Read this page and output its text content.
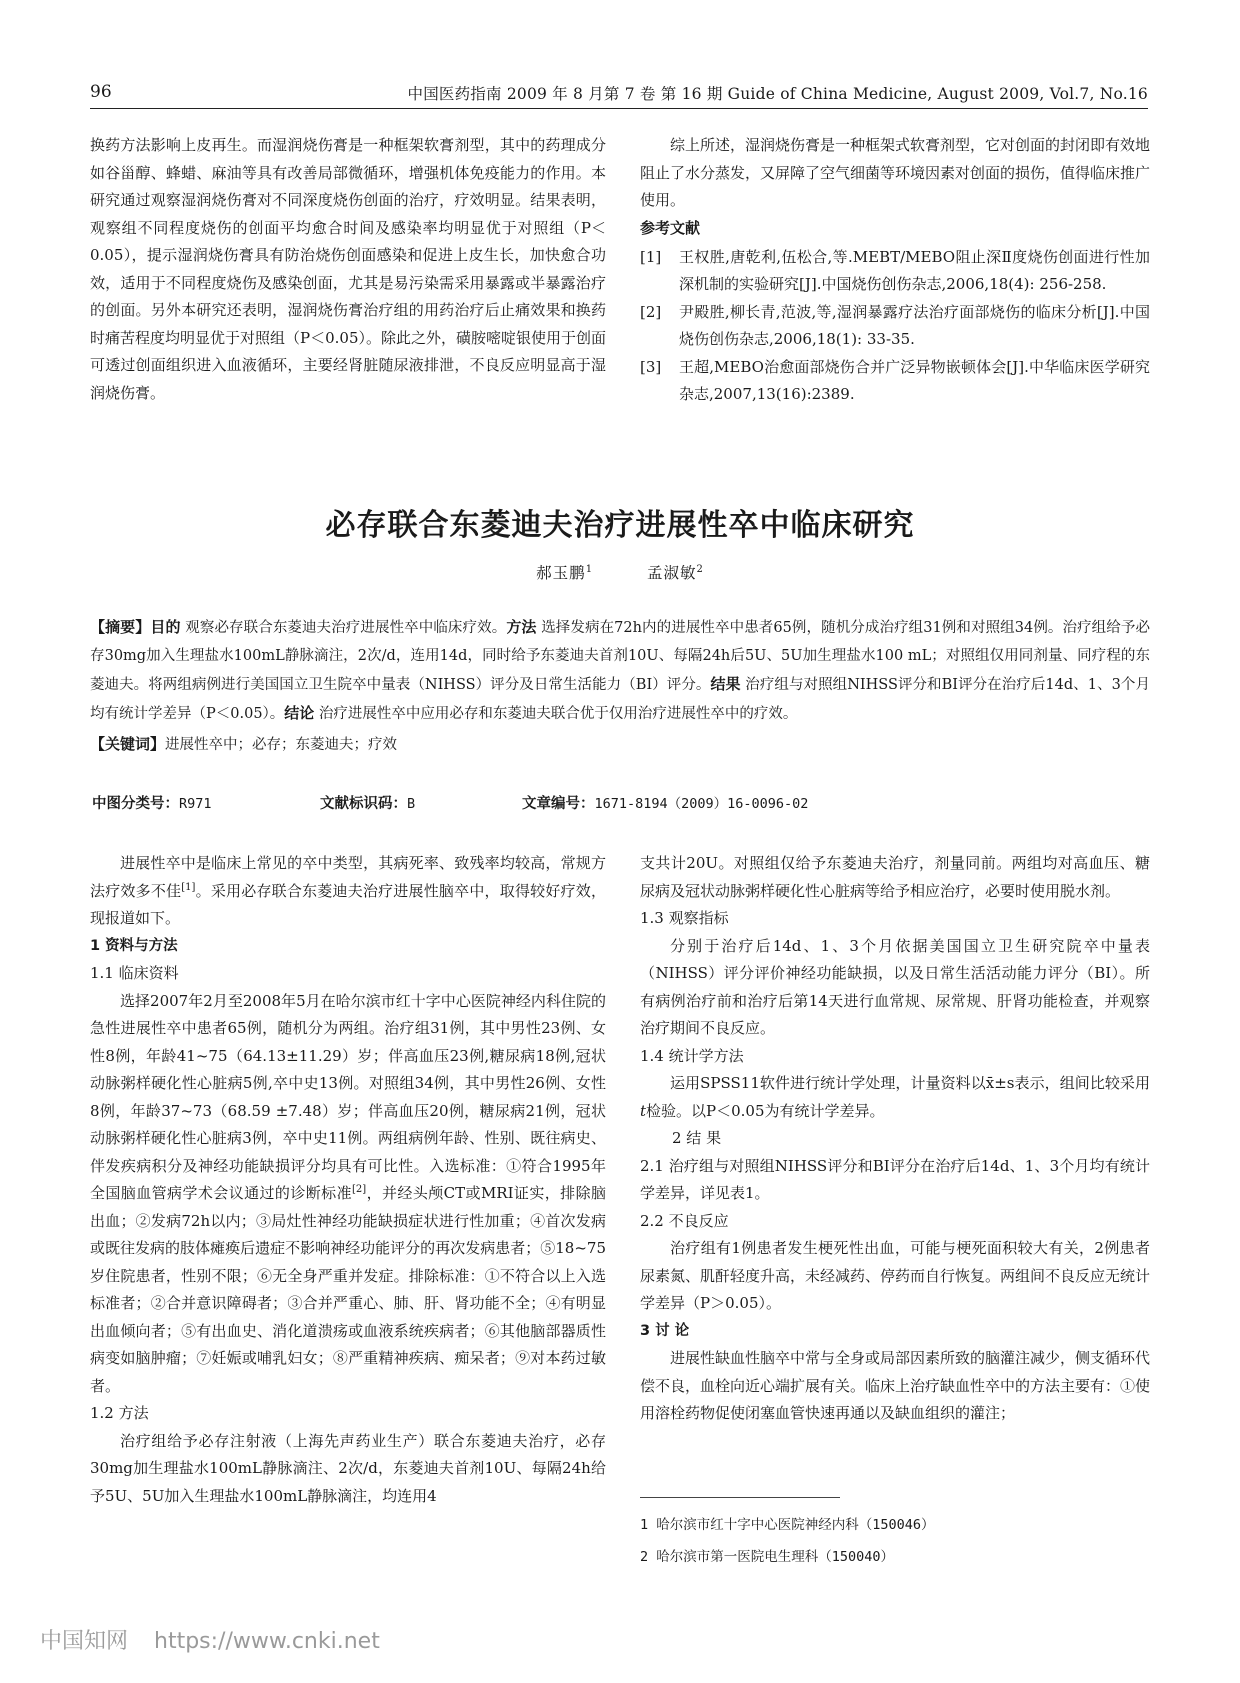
96	中国医药指南 2009 年 8 月第 7 卷 第 16 期 Guide of China Medicine, August 2009, Vol.7, No.16

换药方法影响上皮再生。而湿润烧伤膏是一种框架软膏剂型，其中的药理成分如谷甾醇、蜂蜡、麻油等具有改善局部微循环，增强机体免疫能力的作用。本研究通过观察湿润烧伤膏对不同深度烧伤创面的治疗，疗效明显。结果表明，观察组不同程度烧伤的创面平均愈合时间及感染率均明显优于对照组（P＜0.05），提示湿润烧伤膏具有防治烧伤创面感染和促进上皮生长，加快愈合功效，适用于不同程度烧伤及感染创面，尤其是易污染需采用暴露或半暴露治疗的创面。另外本研究还表明，湿润烧伤膏治疗组的用药治疗后止痛效果和换药时痛苦程度均明显优于对照组（P＜0.05）。除此之外，磺胺嘧啶银使用于创面可透过创面组织进入血液循环，主要经肾脏随尿液排泄，不良反应明显高于湿润烧伤膏。

综上所述，湿润烧伤膏是一种框架式软膏剂型，它对创面的封闭即有效地阻止了水分蒸发，又屏障了空气细菌等环境因素对创面的损伤，值得临床推广使用。

参考文献

[1] 王权胜,唐乾利,伍松合,等.MEBT/MEBO阻止深Ⅱ度烧伤创面进行性加深机制的实验研究[J].中国烧伤创伤杂志,2006,18(4): 256-258.
[2] 尹殿胜,柳长青,范波,等,湿润暴露疗法治疗面部烧伤的临床分析[J].中国烧伤创伤杂志,2006,18(1): 33-35.
[3] 王超,MEBO治愈面部烧伤合并广泛异物嵌顿体会[J].中华临床医学研究杂志,2007,13(16):2389.
必存联合东菱迪夫治疗进展性卒中临床研究
郝玉鹏$^1$	孟淑敏$^2$
【摘要】目的 观察必存联合东菱迪夫治疗进展性卒中临床疗效。方法 选择发病在72h内的进展性卒中患者65例，随机分成治疗组31例和对照组34例。治疗组给予必存30mg加入生理盐水100mL静脉滴注，2次/d，连用14d，同时给予东菱迪夫首剂10U、每隔24h后5U、5U加生理盐水100 mL；对照组仅用同剂量、同疗程的东菱迪夫。将两组病例进行美国国立卫生院卒中量表（NIHSS）评分及日常生活能力（BI）评分。结果 治疗组与对照组NIHSS评分和BI评分在治疗后14d、1、3个月均有统计学差异（P＜0.05）。结论 治疗进展性卒中应用必存和东菱迪夫联合优于仅用治疗进展性卒中的疗效。
【关键词】进展性卒中；必存；东菱迪夫；疗效
中图分类号：R971	文献标识码：B	文章编号：1671-8194（2009）16-0096-02

进展性卒中是临床上常见的卒中类型，其病死率、致残率均较高，常规方法疗效多不佳[1]。采用必存联合东菱迪夫治疗进展性脑卒中，取得较好疗效，现报道如下。

1 资料与方法

1.1 临床资料

选择2007年2月至2008年5月在哈尔滨市红十字中心医院神经内科住院的急性进展性卒中患者65例，随机分为两组。治疗组31例，其中男性23例、女性8例，年龄41~75（64.13±11.29）岁；伴高血压23例,糖尿病18例,冠状动脉粥样硬化性心脏病5例,卒中史13例。对照组34例，其中男性26例、女性8例，年龄37~73（68.59 ±7.48）岁；伴高血压20例，糖尿病21例，冠状动脉粥样硬化性心脏病3例，卒中史11例。两组病例年龄、性别、既往病史、伴发疾病积分及神经功能缺损评分均具有可比性。入选标准：①符合1995年全国脑血管病学术会议通过的诊断标准[2]，并经头颅CT或MRI证实，排除脑出血；②发病72h以内；③局灶性神经功能缺损症状进行性加重；④首次发病或既往发病的肢体瘫痪后遗症不影响神经功能评分的再次发病患者；⑤18~75岁住院患者，性别不限；⑥无全身严重并发症。排除标准：①不符合以上入选标准者；②合并意识障碍者；③合并严重心、肺、肝、肾功能不全；④有明显出血倾向者；⑤有出血史、消化道溃疡或血液系统疾病者；⑥其他脑部器质性病变如脑肿瘤；⑦妊娠或哺乳妇女；⑧严重精神疾病、痴呆者；⑨对本药过敏者。

1.2 方法

治疗组给予必存注射液（上海先声药业生产）联合东菱迪夫治疗，必存30mg加生理盐水100mL静脉滴注、2次/d，东菱迪夫首剂10U、每隔24h给予5U、5U加入生理盐水100mL静脉滴注，均连用4

支共计20U。对照组仅给予东菱迪夫治疗，剂量同前。两组均对高血压、糖尿病及冠状动脉粥样硬化性心脏病等给予相应治疗，必要时使用脱水剂。

1.3 观察指标

分别于治疗后14d、1、3个月依据美国国立卫生研究院卒中量表（NIHSS）评分评价神经功能缺损，以及日常生活活动能力评分（BI）。所有病例治疗前和治疗后第14天进行血常规、尿常规、肝肾功能检查，并观察治疗期间不良反应。

1.4 统计学方法

运用SPSS11软件进行统计学处理，计量资料以x̄±s表示，组间比较采用t检验。以P＜0.05为有统计学差异。

2 结 果

2.1 治疗组与对照组NIHSS评分和BI评分在治疗后14d、1、3个月均有统计学差异，详见表1。

2.2 不良反应

治疗组有1例患者发生梗死性出血，可能与梗死面积较大有关，2例患者尿素氮、肌酐轻度升高，未经减药、停药而自行恢复。两组间不良反应无统计学差异（P＞0.05）。

3 讨 论

进展性缺血性脑卒中常与全身或局部因素所致的脑灌注减少，侧支循环代偿不良，血栓向近心端扩展有关。临床上治疗缺血性卒中的方法主要有：①使用溶栓药物促使闭塞血管快速再通以及缺血组织的灌注；

1 哈尔滨市红十字中心医院神经内科（150046）
2 哈尔滨市第一医院电生理科（150040）
中国知网 https://www.cnki.net
